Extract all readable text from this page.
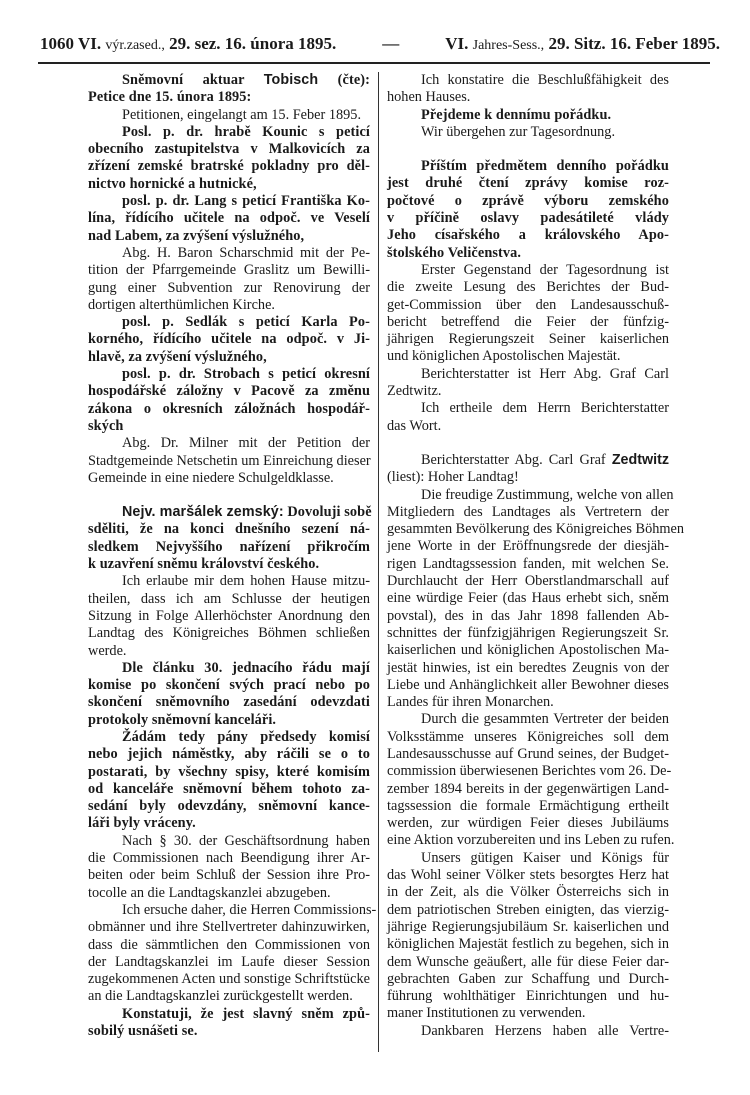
1060 VI. výr.zased., 29. sez. 16. února 1895.	—	VI. Jahres-Sess., 29. Sitz. 16. Feber 1895.
Sněmovní aktuar Tobisch (čte):
Petice dne 15. února 1895:
Petitionen, eingelangt am 15. Feber 1895.
Posl. p. dr. hrabě Kounic s peticí
obecního zastupitelstva v Malkovicích za
zřízení zemské bratrské pokladny pro děl-
nictvo hornické a hutnické,
posl. p. dr. Lang s peticí Františka Ko-
lína, řídícího učitele na odpoč. ve Veselí
nad Labem, za zvýšení výslužného,
Abg. H. Baron Scharschmid mit der Pe-
tition der Pfarrgemeinde Graslitz um Bewilli-
gung einer Subvention zur Renovirung der
dortigen alterthümlichen Kirche.
posl. p. Sedlák s peticí Karla Po-
korného, řídícího učitele na odpoč. v Ji-
hlavě, za zvýšení výslužného,
posl. p. dr. Strobach s peticí okresní
hospodářské záložny v Pacově za změnu
zákona o okresních záložnách hospodář-
ských
Abg. Dr. Milner mit der Petition der
Stadtgemeinde Netschetin um Einreichung dieser
Gemeinde in eine niedere Schulgeldklasse.
Nejv. maršálek zemský: Dovoluji sobě
sděliti, že na konci dnešního sezení ná-
sledkem Nejvyššího nařízení přikročím
k uzavření sněmu království českého.
Ich erlaube mir dem hohen Hause mitzu-
theilen, dass ich am Schlusse der heutigen
Sitzung in Folge Allerhöchster Anordnung den
Landtag des Königreiches Böhmen schließen
werde.
Dle článku 30. jednacího řádu mají
komise po skončení svých prací nebo po
skončení sněmovního zasedání odevzdati
protokoly sněmovní kanceláři.
Žádám tedy pány předsedy komisí
nebo jejich náměstky, aby ráčili se o to
postarati, by všechny spisy, které komisím
od kanceláře sněmovní během tohoto za-
sedání byly odevzdány, sněmovní kance-
láři byly vráceny.
Nach § 30. der Geschäftsordnung haben
die Commissionen nach Beendigung ihrer Ar-
beiten oder beim Schluß der Session ihre Pro-
tocolle an die Landtagskanzlei abzugeben.
Ich ersuche daher, die Herren Commissions-
obmänner und ihre Stellvertreter dahinzuwirken,
dass die sämmtlichen den Commissionen von
der Landtagskanzlei im Laufe dieser Session
zugekommenen Acten und sonstige Schriftstücke
an die Landtagskanzlei zurückgestellt werden.
Konstatuji, že jest slavný sněm způ-
sobilý usnášeti se.
Ich konstatire die Beschlußfähigkeit des
hohen Hauses.
Přejdeme k dennímu pořádku.
Wir übergehen zur Tagesordnung.
Příštím předmětem denního pořádku
jest druhé čtení zprávy komise roz-
počtové o zprávě výboru zemského
v příčině oslavy padesátileté vlády
Jeho císařského a královského Apo-
štolského Veličenstva.
Erster Gegenstand der Tagesordnung ist
die zweite Lesung des Berichtes der Bud-
get-Commission über den Landesausschuß-
bericht betreffend die Feier der fünfzig-
jährigen Regierungszeit Seiner kaiserlichen
und königlichen Apostolischen Majestät.
Berichterstatter ist Herr Abg. Graf Carl
Zedtwitz.
Ich ertheile dem Herrn Berichterstatter
das Wort.
Berichterstatter Abg. Carl Graf Zedtwitz
(liest): Hoher Landtag!
Die freudige Zustimmung, welche von allen
Mitgliedern des Landtages als Vertretern der
gesammten Bevölkerung des Königreiches Böhmen
jene Worte in der Eröffnungsrede der diesjäh-
rigen Landtagssession fanden, mit welchen Se.
Durchlaucht der Herr Oberstlandmarschall auf
eine würdige Feier (das Haus erhebt sich, sněm
povstal), des in das Jahr 1898 fallenden Ab-
schnittes der fünfzigjährigen Regierungszeit Sr.
kaiserlichen und königlichen Apostolischen Ma-
jestät hinwies, ist ein beredtes Zeugnis von der
Liebe und Anhänglichkeit aller Bewohner dieses
Landes für ihren Monarchen.
Durch die gesammten Vertreter der beiden
Volksstämme unseres Königreiches soll dem
Landesausschusse auf Grund seines, der Budget-
commission überwiesenen Berichtes vom 26. De-
zember 1894 bereits in der gegenwärtigen Land-
tagssession die formale Ermächtigung ertheilt
werden, zur würdigen Feier dieses Jubiläums
eine Aktion vorzubereiten und ins Leben zu rufen.
Unsers gütigen Kaiser und Königs für
das Wohl seiner Völker stets besorgtes Herz hat
in der Zeit, als die Völker Österreichs sich in
dem patriotischen Streben einigten, das vierzig-
jährige Regierungsjubiläum Sr. kaiserlichen und
königlichen Majestät festlich zu begehen, sich in
dem Wunsche geäußert, alle für diese Feier dar-
gebrachten Gaben zur Schaffung und Durch-
führung wohlthätiger Einrichtungen und hu-
maner Institutionen zu verwenden.
Dankbaren Herzens haben alle Vertre-
